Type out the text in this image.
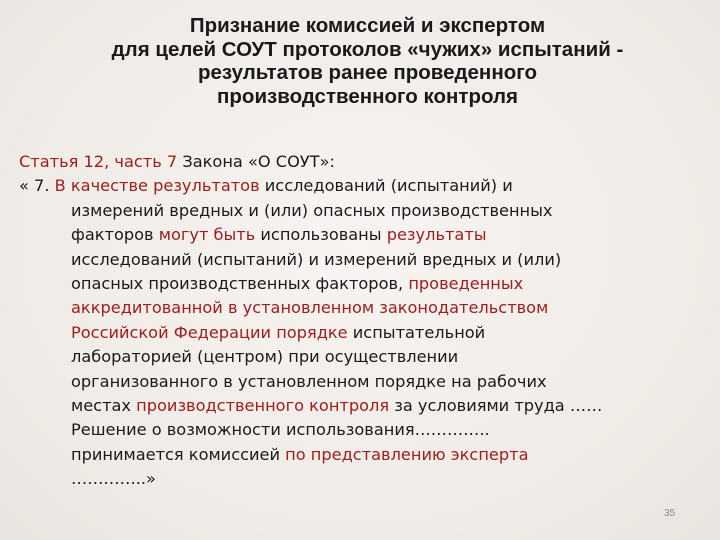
Признание комиссией и экспертом
для целей СОУТ протоколов «чужих» испытаний -
результатов ранее проведенного
производственного контроля
Статья 12, часть 7 Закона «О СОУТ»:
« 7. В качестве результатов исследований (испытаний) и
измерений вредных и (или) опасных производственных
факторов могут быть использованы результаты
исследований (испытаний) и измерений вредных и (или)
опасных производственных факторов, проведенных
аккредитованной в установленном законодательством
Российской Федерации порядке испытательной
лабораторией (центром) при осуществлении
организованного в установленном порядке на рабочих
местах производственного контроля за условиями труда ……
Решение о возможности использования…………..
принимается комиссией по представлению эксперта
…………..»
35
